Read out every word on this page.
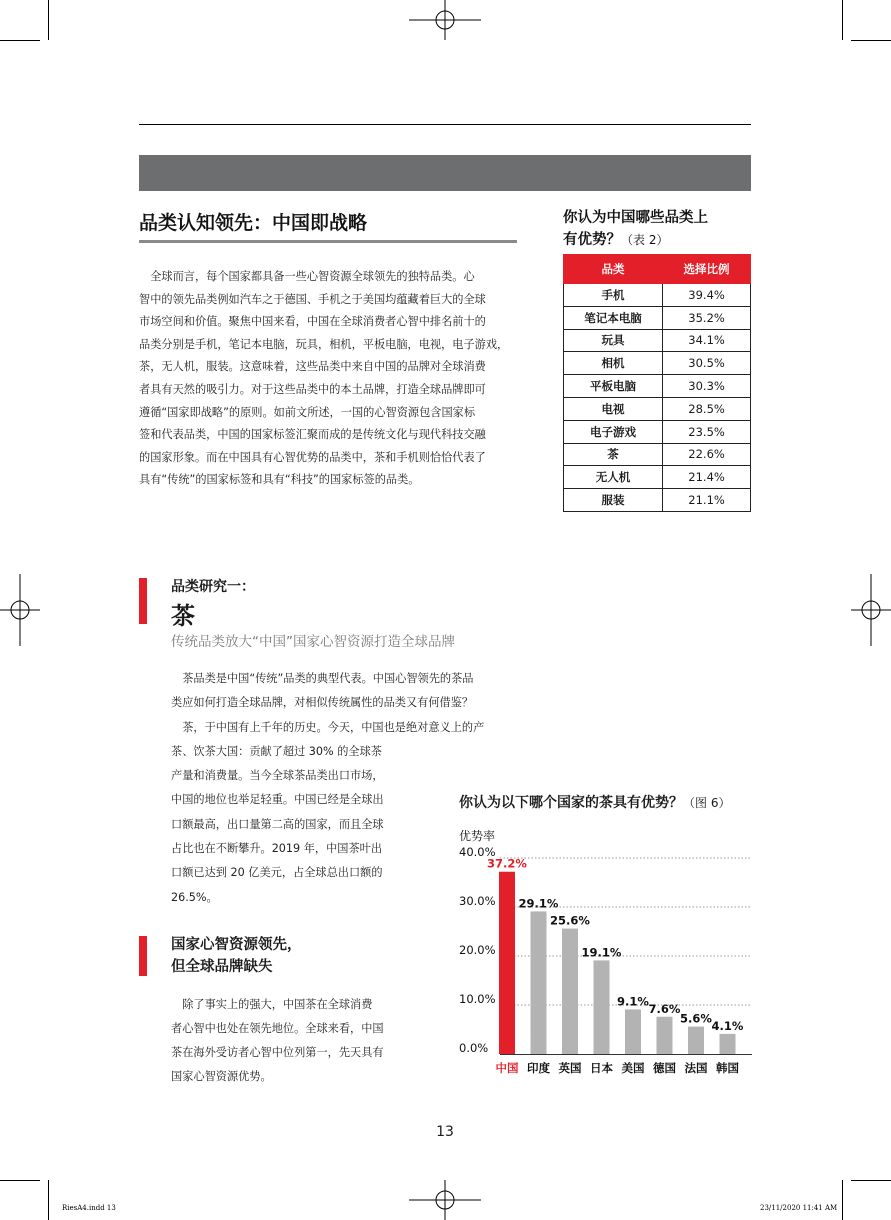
品类认知领先：中国即战略
　全球而言，每个国家都具备一些心智资源全球领先的独特品类。心
智中的领先品类例如汽车之于德国、手机之于美国均蕴藏着巨大的全球
市场空间和价值。聚焦中国来看，中国在全球消费者心智中排名前十的
品类分别是手机，笔记本电脑，玩具，相机，平板电脑，电视，电子游戏，
茶，无人机，服装。这意味着，这些品类中来自中国的品牌对全球消费
者具有天然的吸引力。对于这些品类中的本土品牌，打造全球品牌即可
遵循“国家即战略”的原则。如前文所述，一国的心智资源包含国家标
签和代表品类，中国的国家标签汇聚而成的是传统文化与现代科技交融
的国家形象。而在中国具有心智优势的品类中，茶和手机则恰恰代表了
具有“传统”的国家标签和具有“科技”的国家标签的品类。
你认为中国哪些品类上
有优势？（表 2）
品类	选择比例
手机	39.4%
笔记本电脑	35.2%
玩具	34.1%
相机	30.5%
平板电脑	30.3%
电视	28.5%
电子游戏	23.5%
茶	22.6%
无人机	21.4%
服装	21.1%
品类研究一：
茶
传统品类放大“中国”国家心智资源打造全球品牌
　茶品类是中国“传统”品类的典型代表。中国心智领先的茶品
类应如何打造全球品牌，对相似传统属性的品类又有何借鉴？
　茶，于中国有上千年的历史。今天，中国也是绝对意义上的产
茶、饮茶大国：贡献了超过 30% 的全球茶
产量和消费量。当今全球茶品类出口市场，
中国的地位也举足轻重。中国已经是全球出
口额最高，出口量第二高的国家，而且全球
占比也在不断攀升。2019 年，中国茶叶出
口额已达到 20 亿美元，占全球总出口额的
26.5%。
国家心智资源领先，
但全球品牌缺失
　除了事实上的强大，中国茶在全球消费
者心智中也处在领先地位。全球来看，中国
茶在海外受访者心智中位列第一，先天具有
国家心智资源优势。
你认为以下哪个国家的茶具有优势？（图 6）
优势率
0.0%
10.0%
20.0%
30.0%
40.0%
37.2%
中国
29.1%
印度
25.6%
英国
19.1%
日本
9.1%
美国
7.6%
德国
5.6%
法国
4.1%
韩国
13
RiesA4.indd 13	23/11/2020 11:41 AM
